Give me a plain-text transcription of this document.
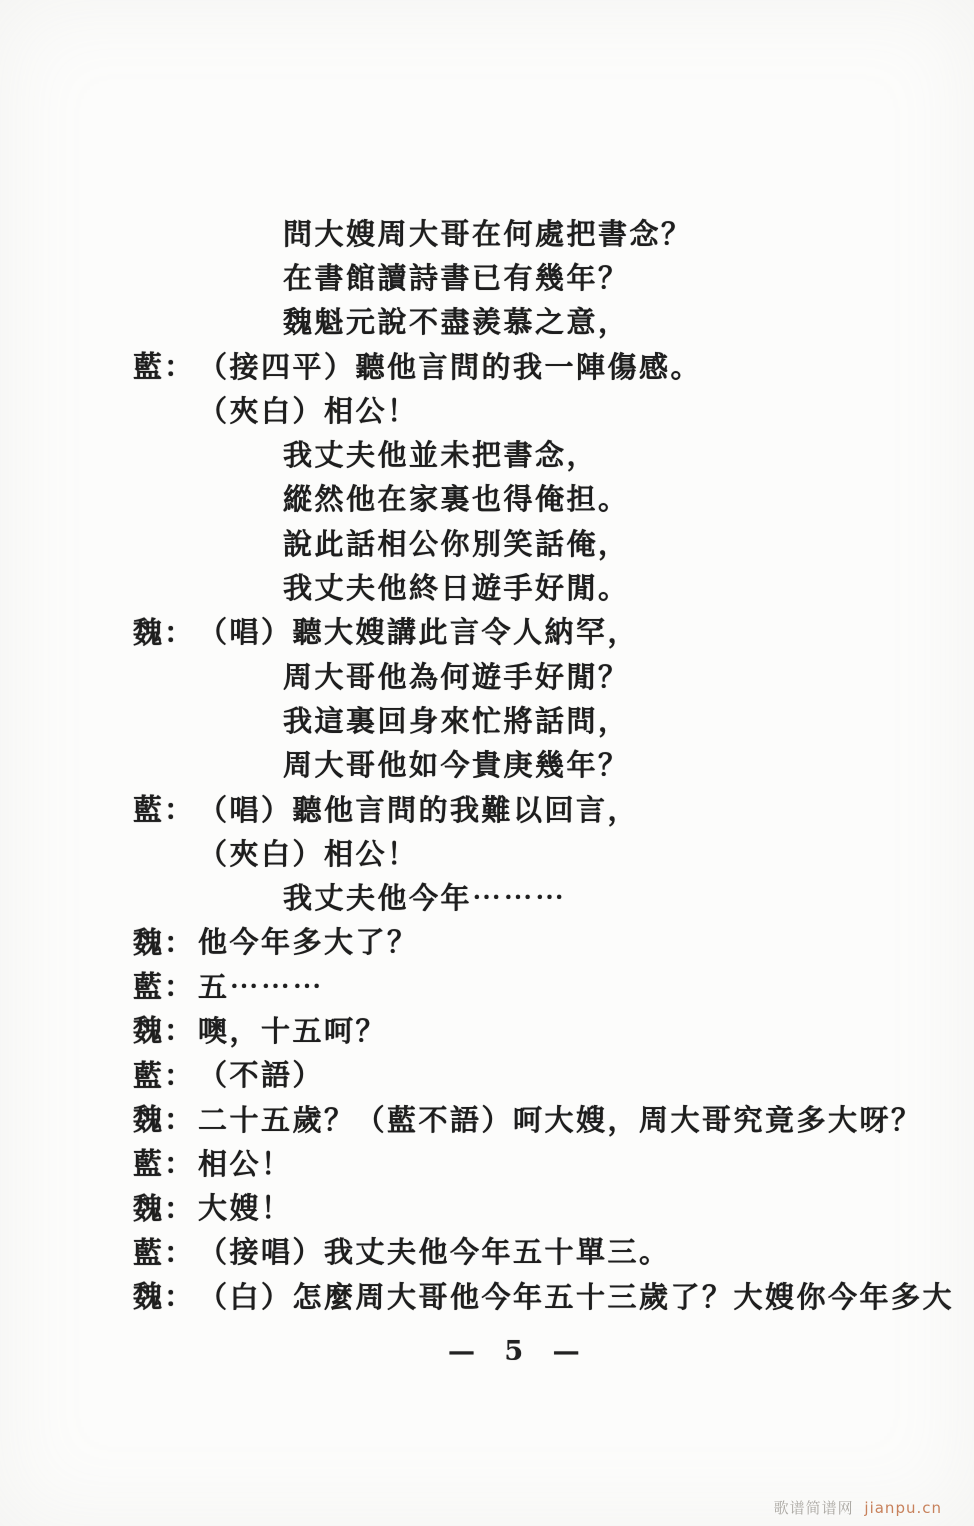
問大嫂周大哥在何處把書念？
在書館讀詩書已有幾年？
魏魁元說不盡羨慕之意，
藍： （接四平）聽他言問的我一陣傷感。
（夾白）相公！
我丈夫他並未把書念，
縱然他在家裏也得俺担。
說此話相公你別笑話俺，
我丈夫他終日遊手好閒。
魏： （唱）聽大嫂講此言令人納罕，
周大哥他為何遊手好閒？
我這裏回身來忙將話問，
周大哥他如今貴庚幾年？
藍： （唱）聽他言問的我難以回言，
（夾白）相公！
我丈夫他今年⋯⋯⋯
魏： 他今年多大了？
藍： 五⋯⋯⋯
魏： 噢，十五呵？
藍： （不語）
魏： 二十五歲？（藍不語）呵大嫂，周大哥究竟多大呀？
藍： 相公！
魏： 大嫂！
藍： （接唱）我丈夫他今年五十單三。
魏： （白）怎麼周大哥他今年五十三歲了？大嫂你今年多大
— 5 —
歌谱简谱网 jianpu.cn
